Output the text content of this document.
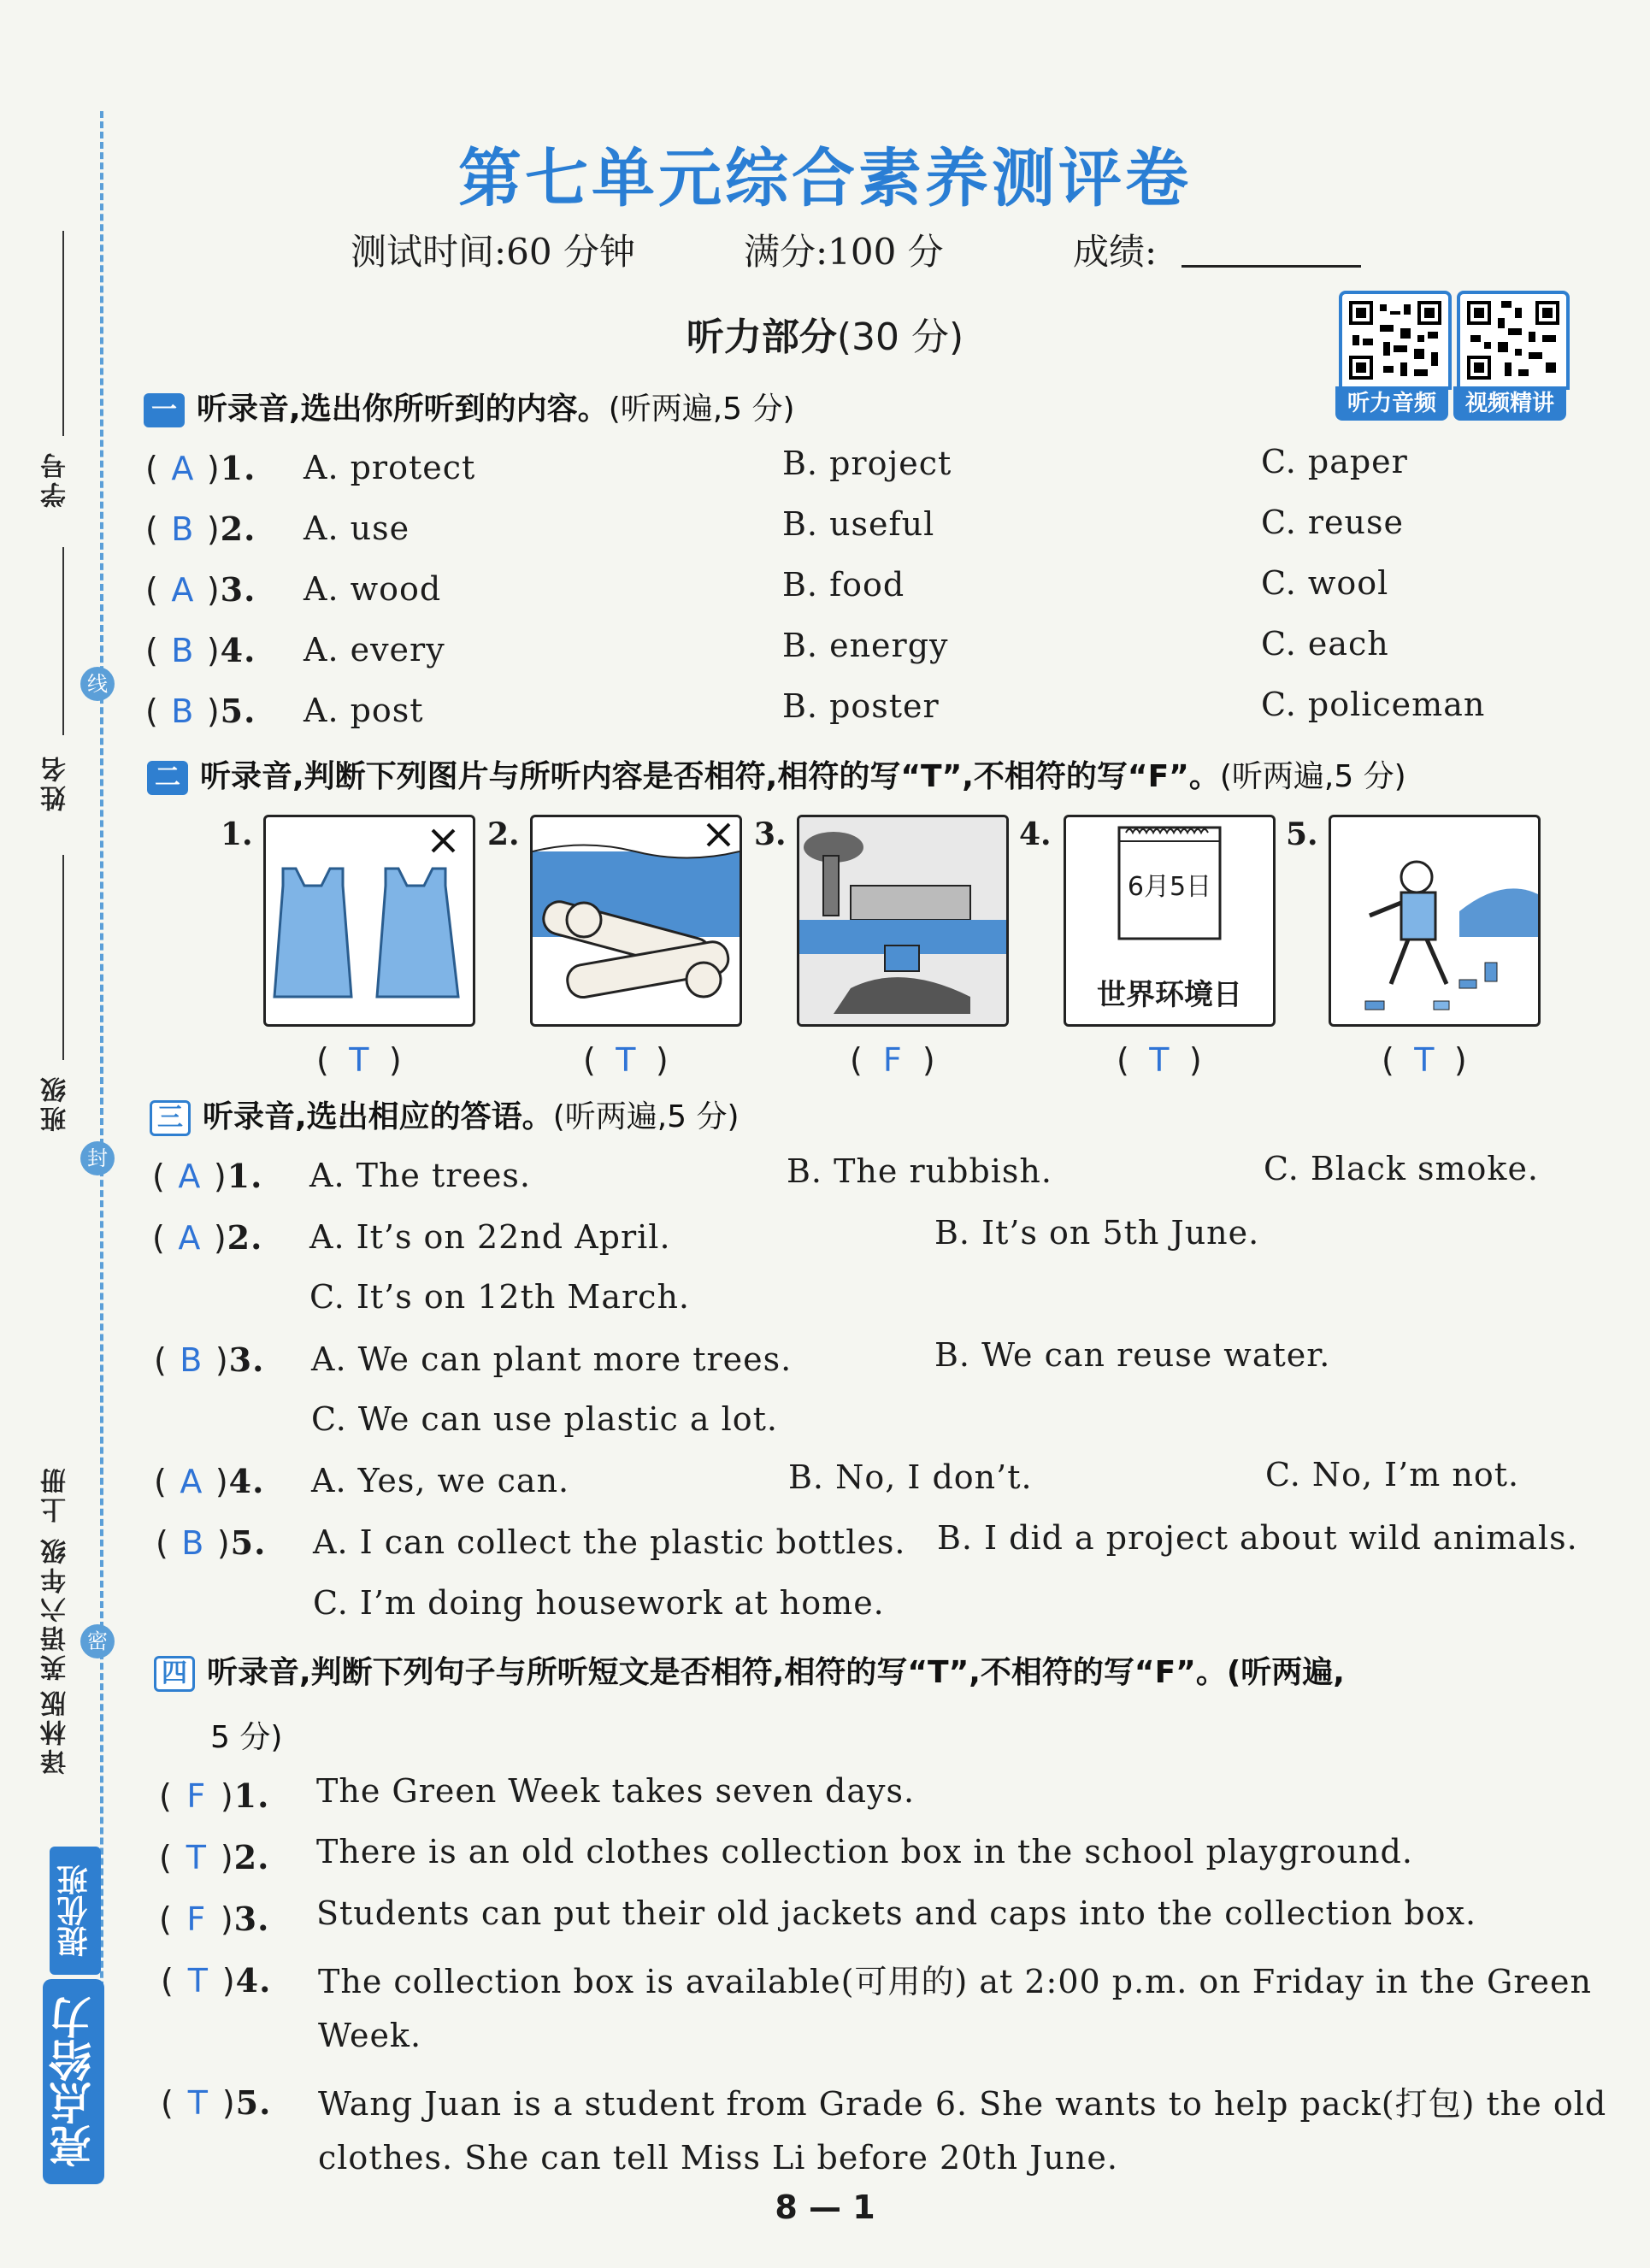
学号
线
姓名
班级
封
英语六年级 上册 密
译林版
提优班
亮点给力
第七单元综合素养测评卷
测试时间:60 分钟	满分:100 分	成绩:
听力部分(30 分)
听力音频	视频精讲
一 听录音,选出你所听到的内容。(听两遍,5 分)
( A )1. A. protect	B. project	C. paper
( B )2. A. use	B. useful	C. reuse
( A )3. A. wood	B. food	C. wool
( B )4. A. every	B. energy	C. each
( B )5. A. post	B. poster	C. policeman
二 听录音,判断下列图片与所听内容是否相符,相符的写“T”,不相符的写“F”。(听两遍,5 分)
1.
( T )
2.
( T )
3.
( F )
4.
6月5日
世界环境日
( T )
5.
( T )
三 听录音,选出相应的答语。(听两遍,5 分)
( A )1. A. The trees.	B. The rubbish.	C. Black smoke.
( A )2. A. It’s on 22nd April.	B. It’s on 5th June.
C. It’s on 12th March.
( B )3. A. We can plant more trees.	B. We can reuse water.
C. We can use plastic a lot.
( A )4. A. Yes, we can.	B. No, I don’t.	C. No, I’m not.
( B )5. A. I can collect the plastic bottles. B. I did a project about wild animals.
C. I’m doing housework at home.
四 听录音,判断下列句子与所听短文是否相符,相符的写“T”,不相符的写“F”。(听两遍,
5 分)
( F )1. The Green Week takes seven days.
( T )2. There is an old clothes collection box in the school playground.
( F )3. Students can put their old jackets and caps into the collection box.
( T )4. The collection box is available(可用的) at 2:00 p.m. on Friday in the Green
Week.
( T )5. Wang Juan is a student from Grade 6. She wants to help pack(打包) the old
clothes. She can tell Miss Li before 20th June.
8 — 1
